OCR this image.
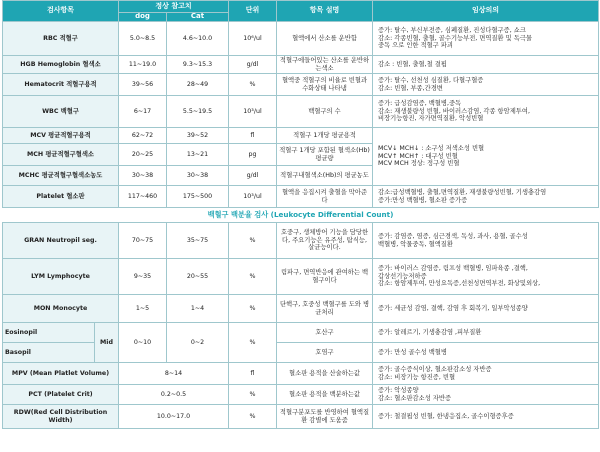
검사항목		정상 참고치		단위	항목 설명	임상의의
		dog	Cat			
RBC 적혈구		5.0~8.5	4.6~10.0	10⁶/ul	혈액에서 산소를 운반함	증가: 탈수, 부신부전증, 심폐질환, 진성다혈구증, 쇼크
감소: 각종빈혈, 출혈, 골수기능부전, 면역질환 및 독극물
중독 으로 인한 적혈구 파괴

HGB Hemoglobin 혈색소		11~19.0	9.3~15.3	g/dl	적혈구에들어있는 산소를 운반하는색소	감소 : 빈혈, 출혈,철 결핍

Hematocrit 적혈구용적		39~56	28~49	%	혈액중 적혈구의 비율로 빈혈과 수화상태 나타냄	증가: 탈수, 선천성 심질환, 다혈구혈증
감소: 빈혈, 부종,간경변

WBC 백혈구		6~17	5.5~19.5	10³/ul	백혈구의 수	증가: 급성감염증, 백혈병,중독
감소: 재생불량성 빈혈, 바이러스감염, 각종 항암제투여,
비장기능항진, 자가면역질환, 악성빈혈

MCV 평균적혈구용적		62~72	39~52	fl	적혈구 1개당 평균용적	MCV↓ MCH↓ : 소구성 저색소성 빈혈
MCV↑ MCH↑ : 대구성 빈혈
MCV MCH 정상: 정구성 빈혈

MCH 평균적혈구혈색소		20~25	13~21	pg	적혈구 1개당 포함된 혈색소(Hb) 평균량	
MCHC 평균적혈구혈색소농도		30~38	30~38	g/dl	적혈구내혈색소(Hb)의 평균농도	
Platelet 혈소판		117~460	175~500	10³/ul	혈액을 응집시켜 출혈을 막아준다	감소:급성백혈병, 출혈,면역질환, 재생불량성빈혈, 기생충감염
증가:만성 백혈병, 혈소판 증가증

백혈구 백분율 검사 (Leukocyte Differential Count)						
GRAN Neutropil seg.		70~75	35~75	%	호중구, 생체방어 기능을 담당한다, 주요기능은 유주성, 탐식능,살균능이다.	증가: 감염증, 염증, 심근경색, 독성, 과사, 용혈, 골수성
백혈병, 악물중독, 혈액질환

LYM Lymphocyte		9~35	20~55	%	림파구, 면역반응에 관여하는 백혈구이다	증가: 바이러스 감염증, 림프성 백혈병, 임파육종 ,결핵,
갑상선기능저하증
감소: 항암제투여, 만성요독증,선천성면역부전, 화상및외상,

MON Monocyte		1~5	1~4	%	단핵구, 호중성 백혈구를 도와 병균처리	증가: 세균성 감염, 결핵, 감염 후 회복기, 일부악성종양

Eosinopil	Mid	0~10	0~2	%	호산구	증가: 알레르기, 기생충감염 ,피부질환
Basopil					호염구	증가: 만성 골수성 백혈병
MPV (Mean Platlet Volume)		8~14		fl	혈소판 용적을 산술하는값	증가: 골수증식이상, 혈소판감소성 자반증
감소: 비장기능 항진증, 빈혈

PCT (Platelet Crit)		0.2~0.5		%	혈소판 용적을 백분하는값	증가: 악성종양
감소: 혈소판감소성 자반증

RDW(Red Cell Distribution Width)		10.0~17.0		%	적혈구분포도를 반영하여 혈액질환 감별에 도움줌	증가: 철결핍성 빈혈, 한냉응집소, 골수이형증후증
